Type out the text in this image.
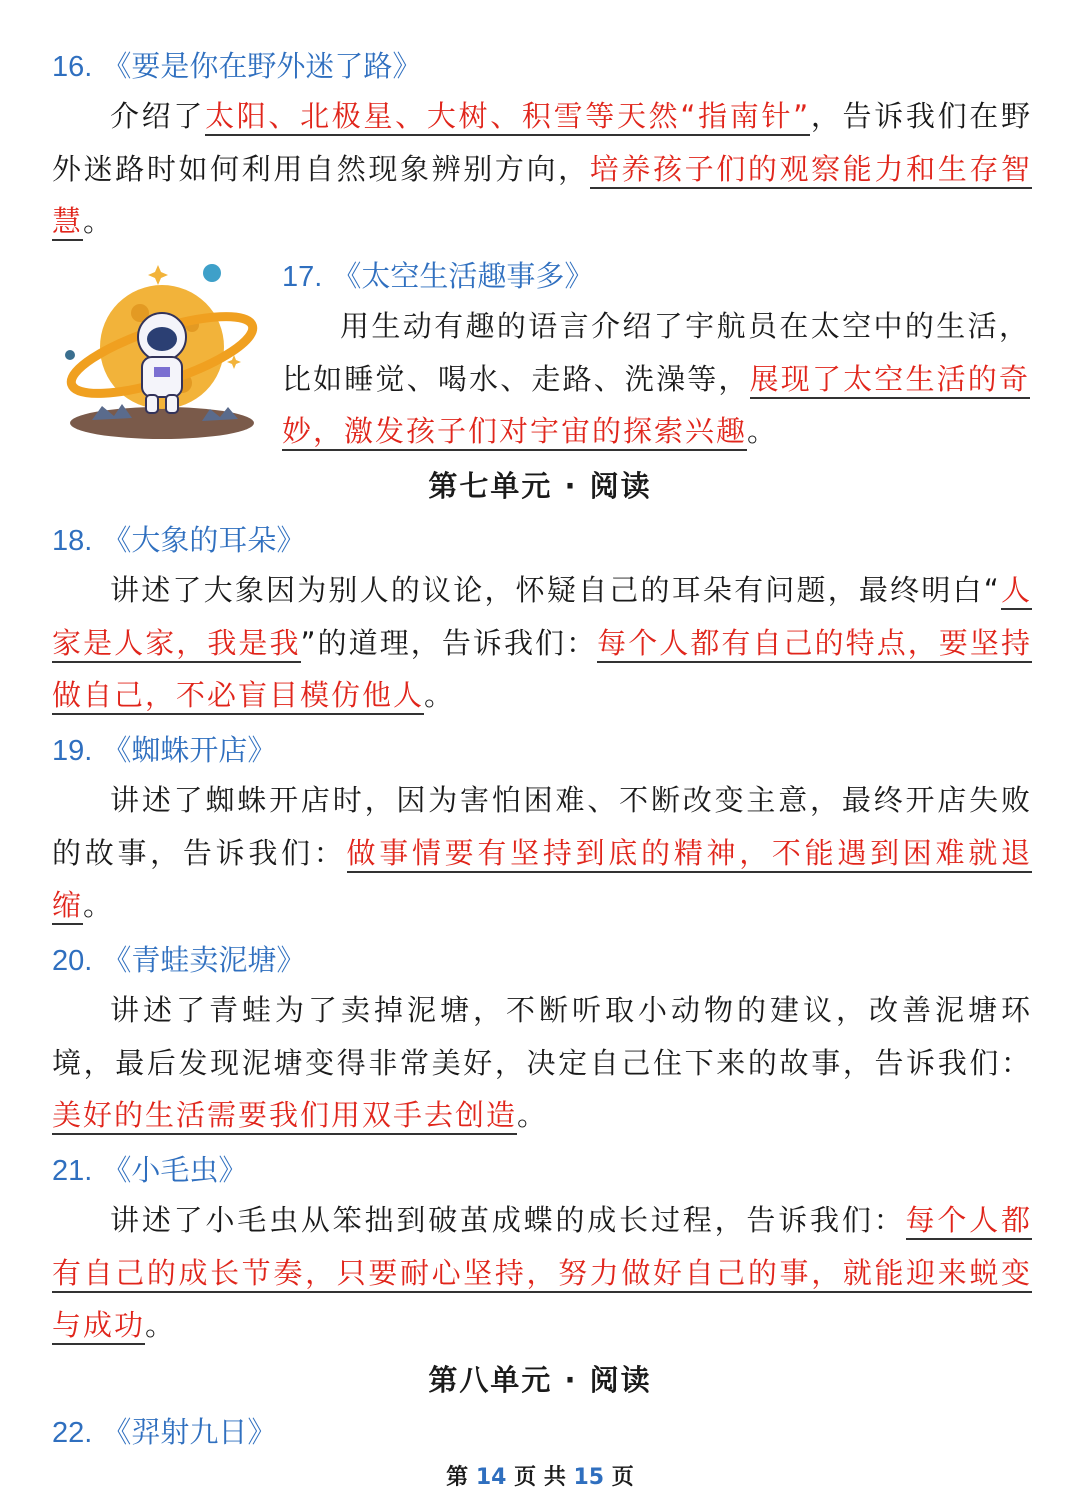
16. 《要是你在野外迷了路》
介绍了太阳、北极星、大树、积雪等天然“指南针”，告诉我们在野外迷路时如何利用自然现象辨别方向，培养孩子们的观察能力和生存智慧。
17. 《太空生活趣事多》
用生动有趣的语言介绍了宇航员在太空中的生活，比如睡觉、喝水、走路、洗澡等，展现了太空生活的奇妙，激发孩子们对宇宙的探索兴趣。
第七单元 · 阅读
18. 《大象的耳朵》
讲述了大象因为别人的议论，怀疑自己的耳朵有问题，最终明白“人家是人家，我是我”的道理，告诉我们：每个人都有自己的特点，要坚持做自己，不必盲目模仿他人。
19. 《蜘蛛开店》
讲述了蜘蛛开店时，因为害怕困难、不断改变主意，最终开店失败的故事，告诉我们：做事情要有坚持到底的精神，不能遇到困难就退缩。
20. 《青蛙卖泥塘》
讲述了青蛙为了卖掉泥塘，不断听取小动物的建议，改善泥塘环境，最后发现泥塘变得非常美好，决定自己住下来的故事，告诉我们：美好的生活需要我们用双手去创造。
21. 《小毛虫》
讲述了小毛虫从笨拙到破茧成蝶的成长过程，告诉我们：每个人都有自己的成长节奏，只要耐心坚持，努力做好自己的事，就能迎来蜕变与成功。
第八单元 · 阅读
22. 《羿射九日》
第 14 页 共 15 页
